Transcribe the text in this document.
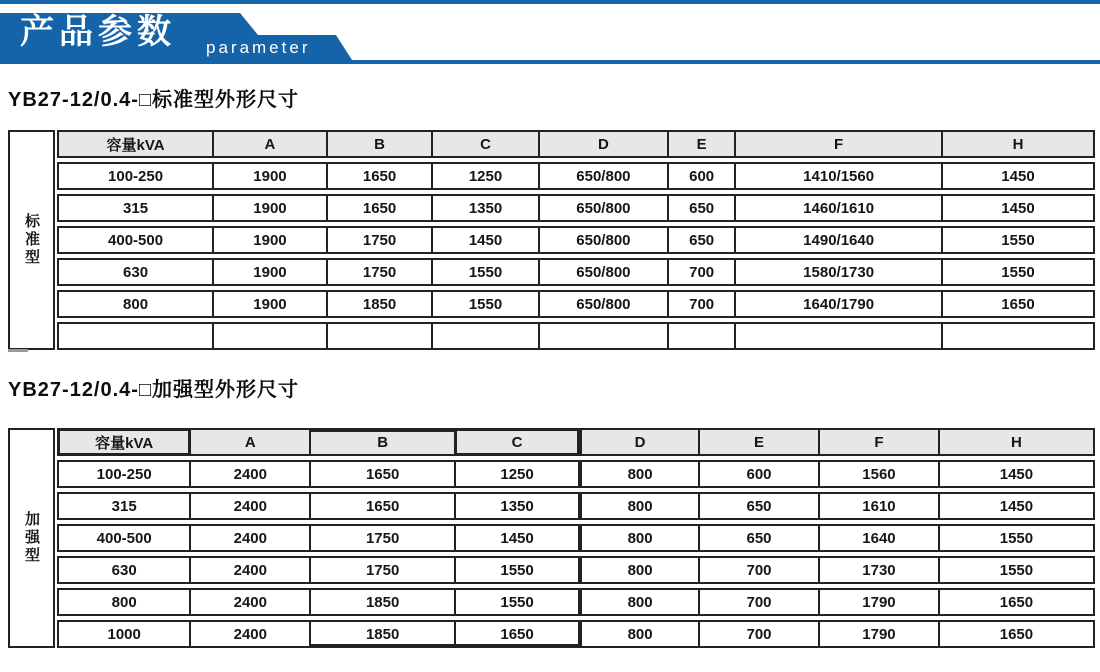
产品参数 parameter
YB27-12/0.4-□标准型外形尺寸
标准型
容量kVA	A	B	C	D	E	F	H
100-250	1900	1650	1250	650/800	600	1410/1560	1450
315	1900	1650	1350	650/800	650	1460/1610	1450
400-500	1900	1750	1450	650/800	650	1490/1640	1550
630	1900	1750	1550	650/800	700	1580/1730	1550
800	1900	1850	1550	650/800	700	1640/1790	1650
YB27-12/0.4-□加强型外形尺寸
加强型
容量kVA	A	B	C	D	E	F	H
100-250	2400	1650	1250	800	600	1560	1450
315	2400	1650	1350	800	650	1610	1450
400-500	2400	1750	1450	800	650	1640	1550
630	2400	1750	1550	800	700	1730	1550
800	2400	1850	1550	800	700	1790	1650
1000	2400	1850	1650	800	700	1790	1650
